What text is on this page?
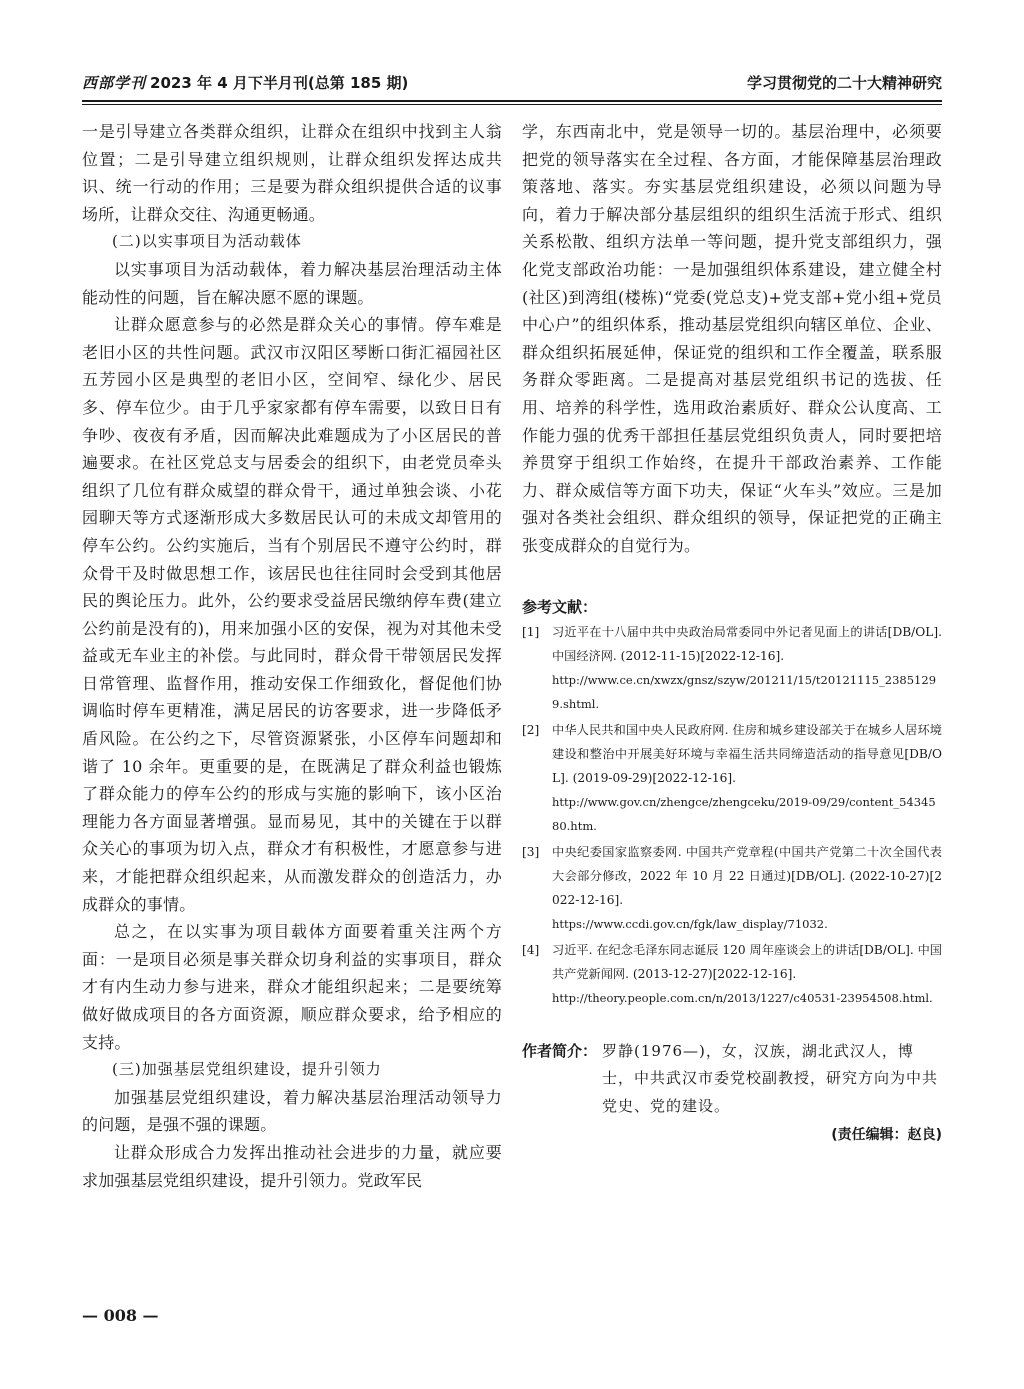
西部学刊 2023 年 4 月下半月刊(总第 185 期)	学习贯彻党的二十大精神研究

一是引导建立各类群众组织，让群众在组织中找到主人翁位置；二是引导建立组织规则，让群众组织发挥达成共识、统一行动的作用；三是要为群众组织提供合适的议事场所，让群众交往、沟通更畅通。

(二)以实事项目为活动载体

以实事项目为活动载体，着力解决基层治理活动主体能动性的问题，旨在解决愿不愿的课题。

让群众愿意参与的必然是群众关心的事情。停车难是老旧小区的共性问题。武汉市汉阳区琴断口街汇福园社区五芳园小区是典型的老旧小区，空间窄、绿化少、居民多、停车位少。由于几乎家家都有停车需要，以致日日有争吵、夜夜有矛盾，因而解决此难题成为了小区居民的普遍要求。在社区党总支与居委会的组织下，由老党员牵头组织了几位有群众威望的群众骨干，通过单独会谈、小花园聊天等方式逐渐形成大多数居民认可的未成文却管用的停车公约。公约实施后，当有个别居民不遵守公约时，群众骨干及时做思想工作，该居民也往往同时会受到其他居民的舆论压力。此外，公约要求受益居民缴纳停车费(建立公约前是没有的)，用来加强小区的安保，视为对其他未受益或无车业主的补偿。与此同时，群众骨干带领居民发挥日常管理、监督作用，推动安保工作细致化，督促他们协调临时停车更精准，满足居民的访客要求，进一步降低矛盾风险。在公约之下，尽管资源紧张，小区停车问题却和谐了 10 余年。更重要的是，在既满足了群众利益也锻炼了群众能力的停车公约的形成与实施的影响下，该小区治理能力各方面显著增强。显而易见，其中的关键在于以群众关心的事项为切入点，群众才有积极性，才愿意参与进来，才能把群众组织起来，从而激发群众的创造活力，办成群众的事情。

总之，在以实事为项目载体方面要着重关注两个方面：一是项目必须是事关群众切身利益的实事项目，群众才有内生动力参与进来，群众才能组织起来；二是要统筹做好做成项目的各方面资源，顺应群众要求，给予相应的支持。

(三)加强基层党组织建设，提升引领力

加强基层党组织建设，着力解决基层治理活动领导力的问题，是强不强的课题。

让群众形成合力发挥出推动社会进步的力量，就应要求加强基层党组织建设，提升引领力。党政军民

学，东西南北中，党是领导一切的。基层治理中，必须要把党的领导落实在全过程、各方面，才能保障基层治理政策落地、落实。夯实基层党组织建设，必须以问题为导向，着力于解决部分基层组织的组织生活流于形式、组织关系松散、组织方法单一等问题，提升党支部组织力，强化党支部政治功能：一是加强组织体系建设，建立健全村(社区)到湾组(楼栋)“党委(党总支)+党支部+党小组+党员中心户”的组织体系，推动基层党组织向辖区单位、企业、群众组织拓展延伸，保证党的组织和工作全覆盖，联系服务群众零距离。二是提高对基层党组织书记的选拔、任用、培养的科学性，选用政治素质好、群众公认度高、工作能力强的优秀干部担任基层党组织负责人，同时要把培养贯穿于组织工作始终，在提升干部政治素养、工作能力、群众威信等方面下功夫，保证“火车头”效应。三是加强对各类社会组织、群众组织的领导，保证把党的正确主张变成群众的自觉行为。

参考文献：
[1] 习近平在十八届中共中央政治局常委同中外记者见面上的讲话[DB/OL]. 中国经济网. (2012-11-15)[2022-12-16].
http://www.ce.cn/xwzx/gnsz/szyw/201211/15/t20121115_23851299.shtml.
[2] 中华人民共和国中央人民政府网. 住房和城乡建设部关于在城乡人居环境建设和整治中开展美好环境与幸福生活共同缔造活动的指导意见[DB/OL]. (2019-09-29)[2022-12-16].
http://www.gov.cn/zhengce/zhengceku/2019-09/29/content_5434580.htm.
[3] 中央纪委国家监察委网. 中国共产党章程(中国共产党第二十次全国代表大会部分修改，2022 年 10 月 22 日通过)[DB/OL]. (2022-10-27)[2022-12-16].
https://www.ccdi.gov.cn/fgk/law_display/71032.
[4] 习近平. 在纪念毛泽东同志诞辰 120 周年座谈会上的讲话[DB/OL]. 中国共产党新闻网. (2013-12-27)[2022-12-16].
http://theory.people.com.cn/n/2013/1227/c40531-23954508.html.
作者简介： 罗静(1976—)，女，汉族，湖北武汉人，博士，中共武汉市委党校副教授，研究方向为中共党史、党的建设。
(责任编辑：赵良)
— 008 —
